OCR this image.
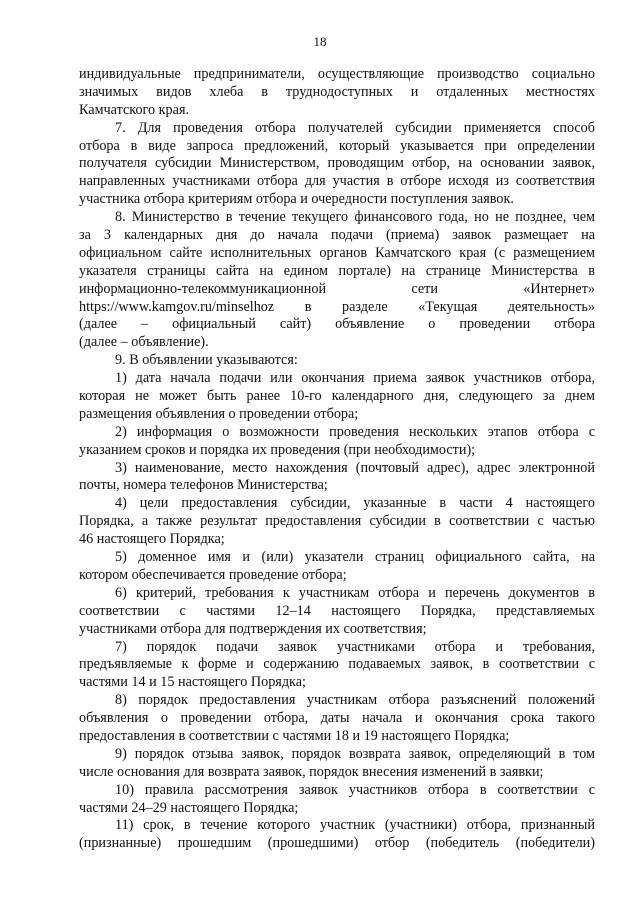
18
индивидуальные предприниматели, осуществляющие производство социально
значимых видов хлеба в труднодоступных и отдаленных местностях
Камчатского края.
7. Для проведения отбора получателей субсидии применяется способ
отбора в виде запроса предложений, который указывается при определении
получателя субсидии Министерством, проводящим отбор, на основании заявок,
направленных участниками отбора для участия в отборе исходя из соответствия
участника отбора критериям отбора и очередности поступления заявок.
8. Министерство в течение текущего финансового года, но не позднее, чем
за 3 календарных дня до начала подачи (приема) заявок размещает на
официальном сайте исполнительных органов Камчатского края (с размещением
указателя страницы сайта на едином портале) на странице Министерства в
информационно-телекоммуникационной сети «Интернет»
https://www.kamgov.ru/minselhoz в разделе «Текущая деятельность»
(далее – официальный сайт) объявление о проведении отбора
(далее – объявление).
9. В объявлении указываются:
1) дата начала подачи или окончания приема заявок участников отбора,
которая не может быть ранее 10-го календарного дня, следующего за днем
размещения объявления о проведении отбора;
2) информация о возможности проведения нескольких этапов отбора с
указанием сроков и порядка их проведения (при необходимости);
3) наименование, место нахождения (почтовый адрес), адрес электронной
почты, номера телефонов Министерства;
4) цели предоставления субсидии, указанные в части 4 настоящего
Порядка, а также результат предоставления субсидии в соответствии с частью
46 настоящего Порядка;
5) доменное имя и (или) указатели страниц официального сайта, на
котором обеспечивается проведение отбора;
6) критерий, требования к участникам отбора и перечень документов в
соответствии с частями 12–14 настоящего Порядка, представляемых
участниками отбора для подтверждения их соответствия;
7) порядок подачи заявок участниками отбора и требования,
предъявляемые к форме и содержанию подаваемых заявок, в соответствии с
частями 14 и 15 настоящего Порядка;
8) порядок предоставления участникам отбора разъяснений положений
объявления о проведении отбора, даты начала и окончания срока такого
предоставления в соответствии с частями 18 и 19 настоящего Порядка;
9) порядок отзыва заявок, порядок возврата заявок, определяющий в том
числе основания для возврата заявок, порядок внесения изменений в заявки;
10) правила рассмотрения заявок участников отбора в соответствии с
частями 24–29 настоящего Порядка;
11) срок, в течение которого участник (участники) отбора, признанный
(признанные) прошедшим (прошедшими) отбор (победитель (победители)
